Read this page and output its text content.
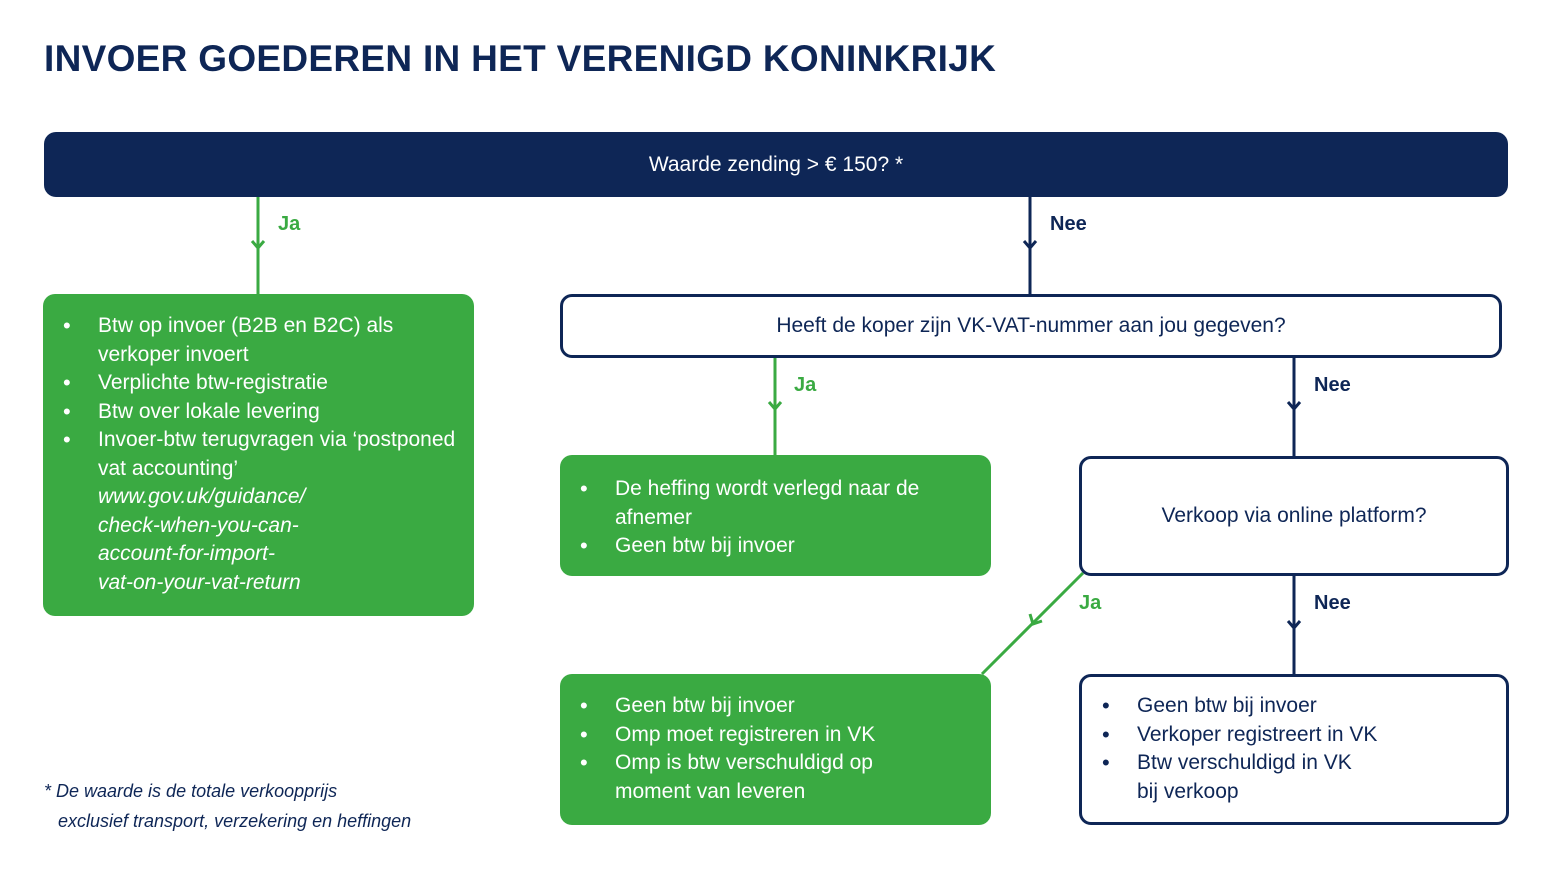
INVOER GOEDEREN IN HET VERENIGD KONINKRIJK
Waarde zending > € 150? *
Ja	Nee
• Btw op invoer (B2B en B2C) als verkoper invoert
• Verplichte btw-registratie
• Btw over lokale levering
• Invoer-btw terugvragen via ‘postponed vat accounting’
www.gov.uk/guidance/
check-when-you-can-
account-for-import-
vat-on-your-vat-return
Heeft de koper zijn VK-VAT-nummer aan jou gegeven?
Ja	Nee
• De heffing wordt verlegd naar de afnemer
• Geen btw bij invoer
Verkoop via online platform?
Ja	Nee
• Geen btw bij invoer
• Omp moet registreren in VK
• Omp is btw verschuldigd op moment van leveren
• Geen btw bij invoer
• Verkoper registreert in VK
• Btw verschuldigd in VK bij verkoop
* De waarde is de totale verkoopprijs
exclusief transport, verzekering en heffingen
